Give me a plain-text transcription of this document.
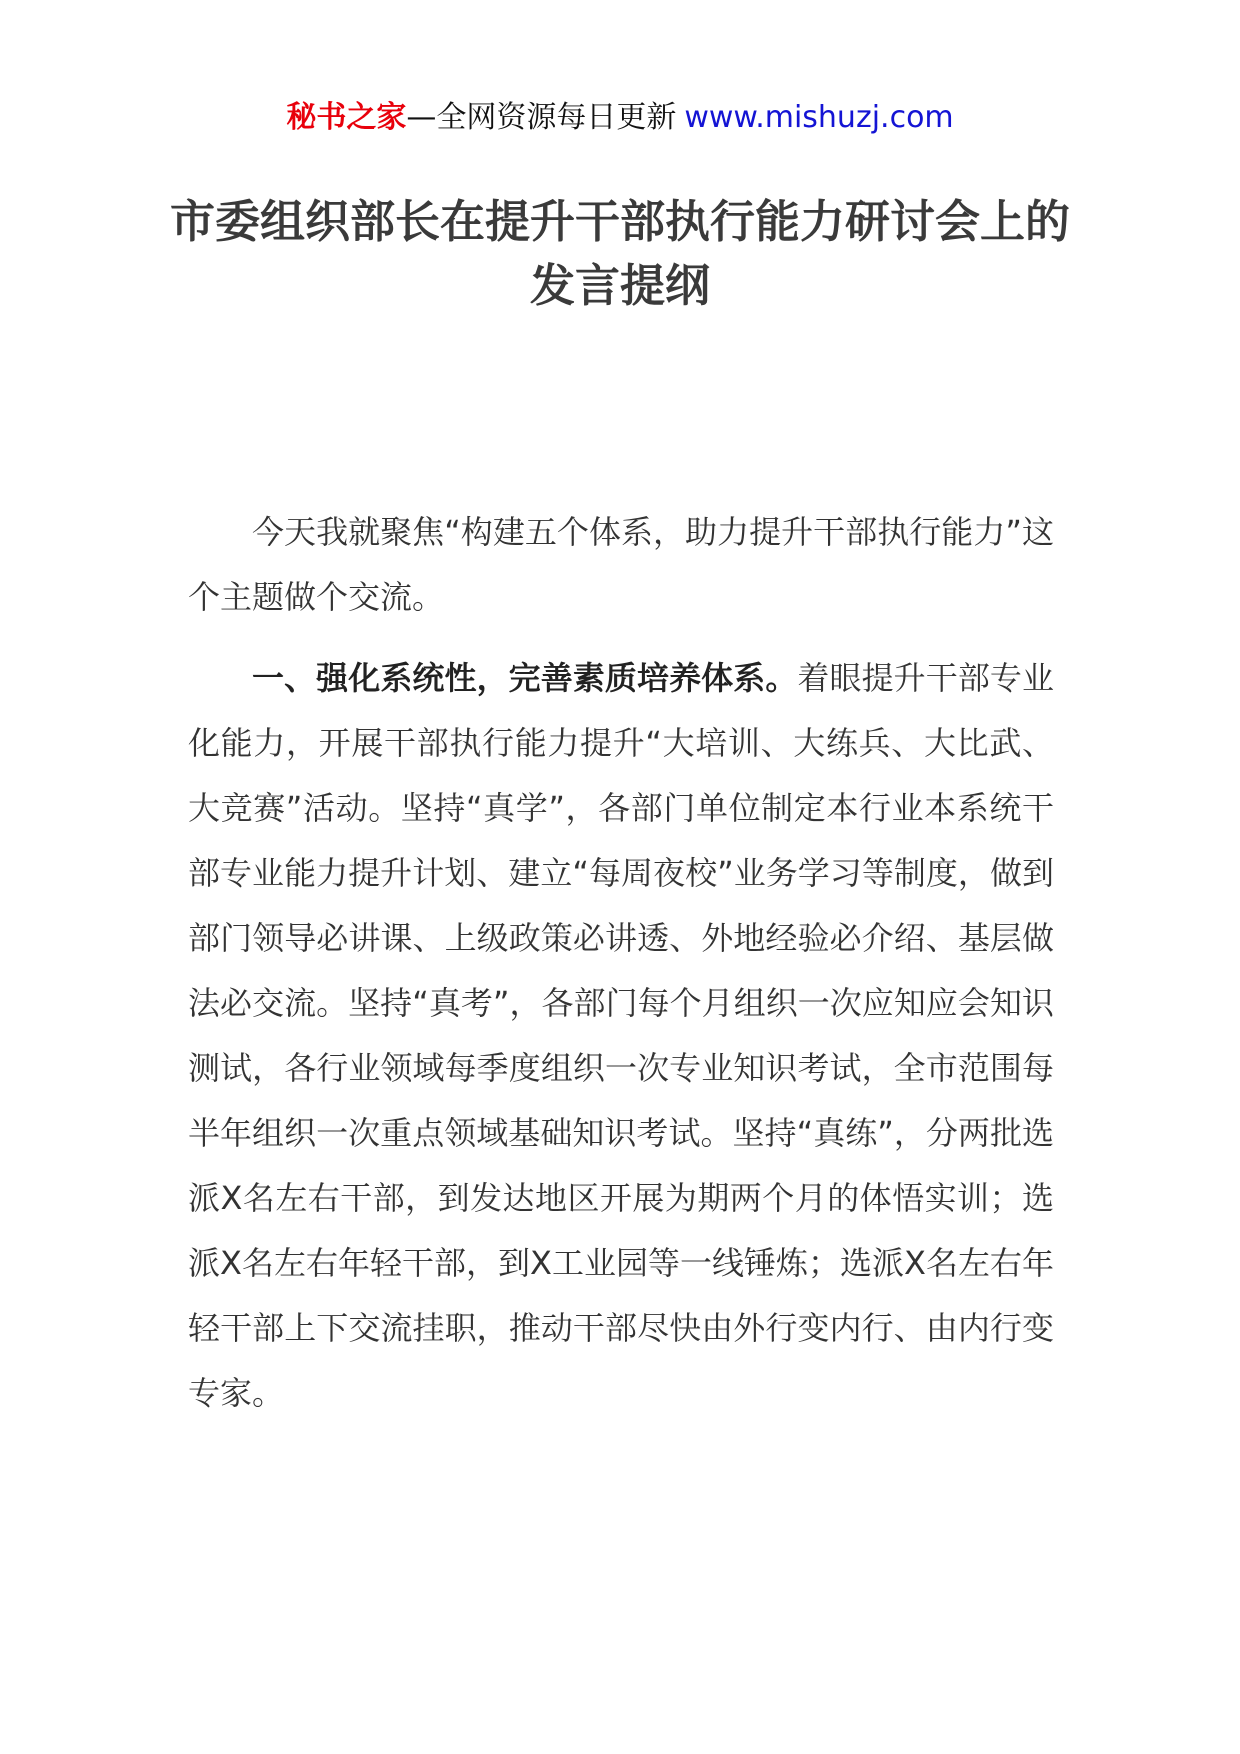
秘书之家—全网资源每日更新 www.mishuzj.com
市委组织部长在提升干部执行能力研讨会上的发言提纲

今天我就聚焦“构建五个体系，助力提升干部执行能力”这个主题做个交流。

一、强化系统性，完善素质培养体系。着眼提升干部专业化能力，开展干部执行能力提升“大培训、大练兵、大比武、大竞赛”活动。坚持“真学”，各部门单位制定本行业本系统干部专业能力提升计划、建立“每周夜校”业务学习等制度，做到部门领导必讲课、上级政策必讲透、外地经验必介绍、基层做法必交流。坚持“真考”，各部门每个月组织一次应知应会知识测试，各行业领域每季度组织一次专业知识考试，全市范围每半年组织一次重点领域基础知识考试。坚持“真练”，分两批选派X名左右干部，到发达地区开展为期两个月的体悟实训；选派X名左右年轻干部，到X工业园等一线锤炼；选派X名左右年轻干部上下交流挂职，推动干部尽快由外行变内行、由内行变专家。
